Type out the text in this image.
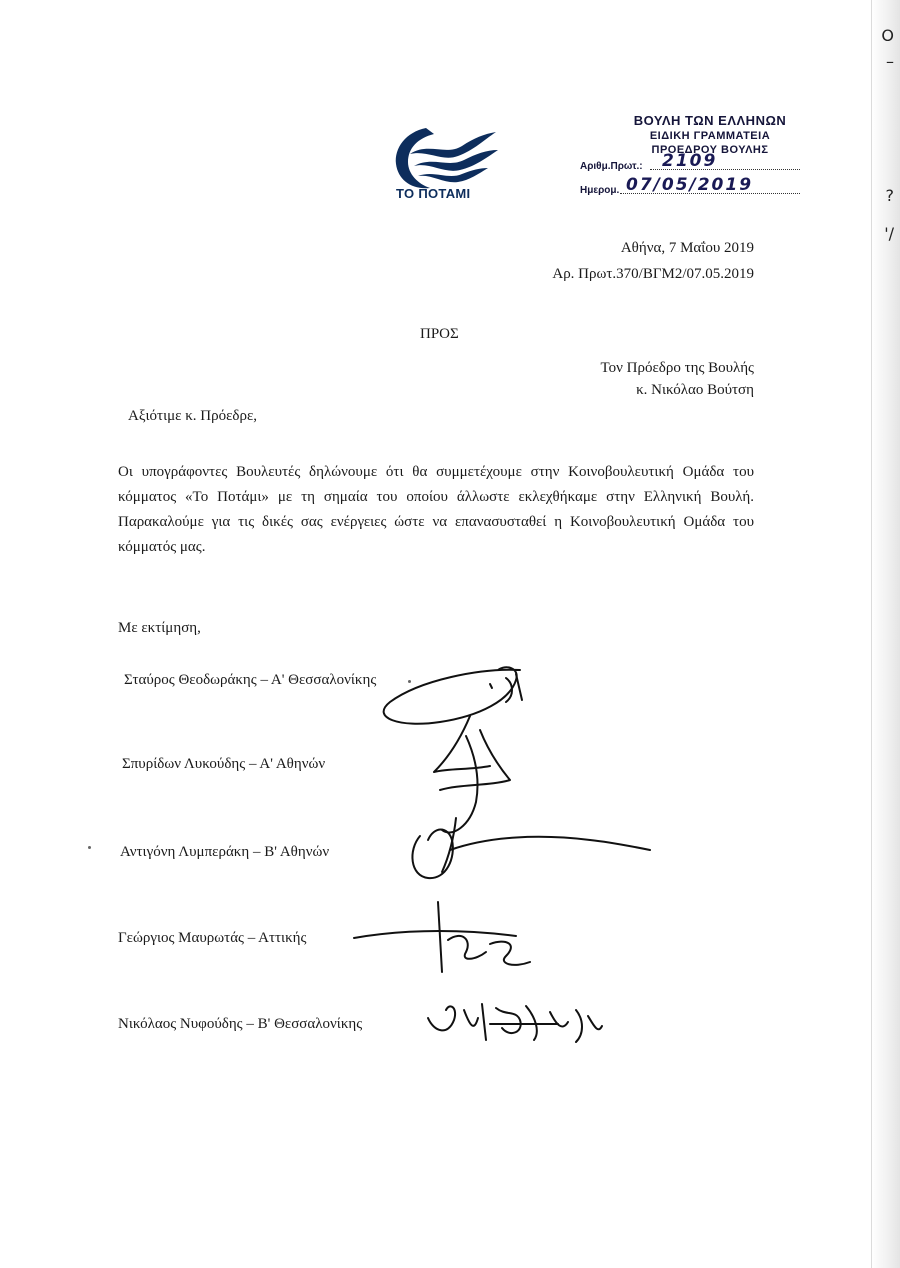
O
–
?
'/
ΤΟ ΠΟΤΑΜΙ
ΒΟΥΛΗ ΤΩΝ ΕΛΛΗΝΩΝ
ΕΙΔΙΚΗ ΓΡΑΜΜΑΤΕΙΑ
ΠΡΟΕΔΡΟΥ ΒΟΥΛΗΣ
Αριθμ.Πρωτ.: 2109
Ημερομ. 07/05/2019
Αθήνα, 7 Μαΐου 2019
Αρ. Πρωτ.370/ΒΓΜ2/07.05.2019
ΠΡΟΣ
Τον Πρόεδρο της Βουλής
κ. Νικόλαο Βούτση
Αξιότιμε κ. Πρόεδρε,
Οι υπογράφοντες Βουλευτές δηλώνουμε ότι θα συμμετέχουμε στην Κοινοβουλευτική Ομάδα του κόμματος «Το Ποτάμι» με τη σημαία του οποίου άλλωστε εκλεχθήκαμε στην Ελληνική Βουλή. Παρακαλούμε για τις δικές σας ενέργειες ώστε να επανασυσταθεί η Κοινοβουλευτική Ομάδα του κόμματός μας.
Με εκτίμηση,
Σταύρος Θεοδωράκης – Α' Θεσσαλονίκης
Σπυρίδων Λυκούδης – Α' Αθηνών
Αντιγόνη Λυμπεράκη – Β' Αθηνών
Γεώργιος Μαυρωτάς – Αττικής
Νικόλαος Νυφούδης – Β' Θεσσαλονίκης
